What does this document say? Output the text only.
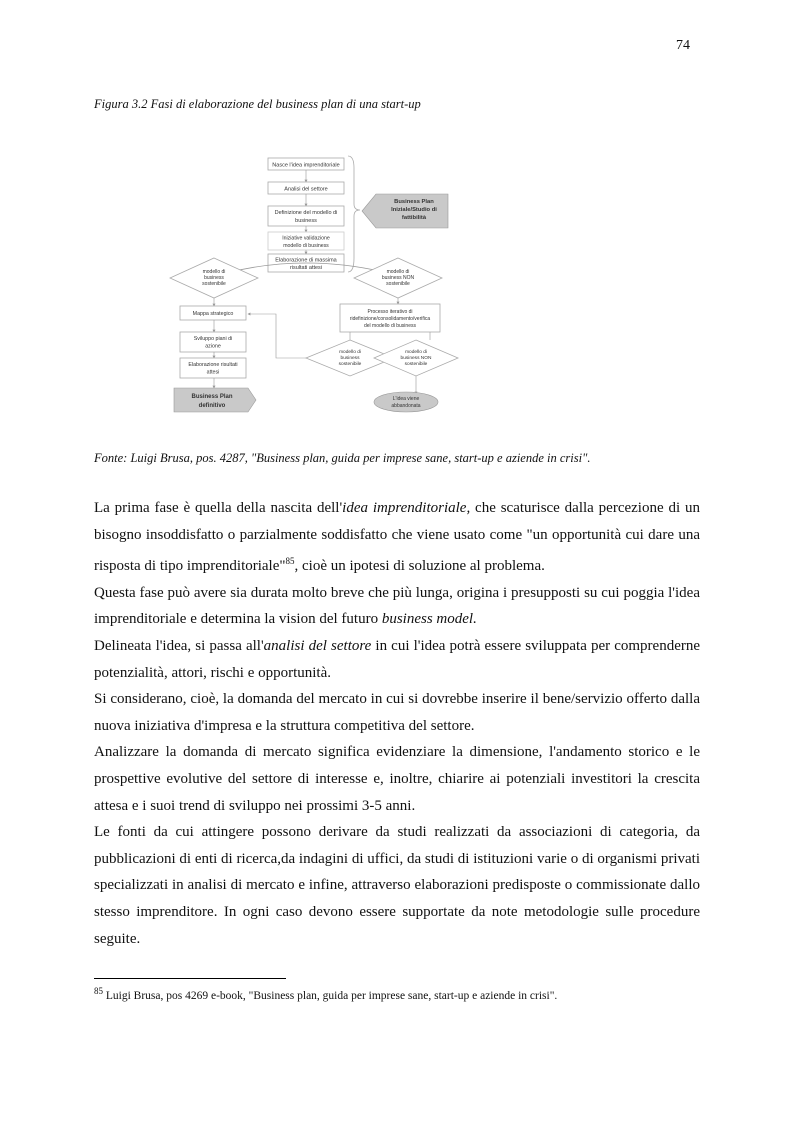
74
Figura 3.2 Fasi di elaborazione del business plan di una start-up
Nasce l'idea imprenditoriale
Analisi del settore
Definizione del modello di
business
Iniziative validazione
modello di business
Elaborazione di massima
risultati attesi
Business Plan
Iniziale/Studio di
fattibilità
modello di
business
sostenibile
modello di
business NON
sostenibile
Mappa strategico
Sviluppo piani di
azione
Elaborazione risultati
attesi
Business Plan
definitivo
Processo iterativo di
ridefinizione/consolidamento/verifica
del modello di business
modello di
business
sostenibile
modello di
business NON
sostenibile
L'idea viene
abbandonata
Fonte: Luigi Brusa, pos. 4287, "Business plan, guida per imprese sane, start-up e aziende in crisi".

La prima fase è quella della nascita dell'idea imprenditoriale, che scaturisce dalla percezione di un bisogno insoddisfatto o parzialmente soddisfatto che viene usato come "un opportunità cui dare una risposta di tipo imprenditoriale"$^{85}$, cioè un ipotesi di soluzione al problema.

Questa fase può avere sia durata molto breve che più lunga, origina i presupposti su cui poggia l'idea imprenditoriale e determina la vision del futuro business model.

Delineata l'idea, si passa all'analisi del settore in cui l'idea potrà essere sviluppata per comprenderne potenzialità, attori, rischi e opportunità.

Si considerano, cioè, la domanda del mercato in cui si dovrebbe inserire il bene/servizio offerto dalla nuova iniziativa d'impresa e la struttura competitiva del settore.

Analizzare la domanda di mercato significa evidenziare la dimensione, l'andamento storico e le prospettive evolutive del settore di interesse e, inoltre, chiarire ai potenziali investitori la crescita attesa e i suoi trend di sviluppo nei prossimi 3-5 anni.

Le fonti da cui attingere possono derivare da studi realizzati da associazioni di categoria, da pubblicazioni di enti di ricerca,da indagini di uffici, da studi di istituzioni varie o di organismi privati specializzati in analisi di mercato e infine, attraverso elaborazioni predisposte o commissionate dallo stesso imprenditore. In ogni caso devono essere supportate da note metodologie sulle procedure seguite.

$^{85}$ Luigi Brusa, pos 4269 e-book, "Business plan, guida per imprese sane, start-up e aziende in crisi".
